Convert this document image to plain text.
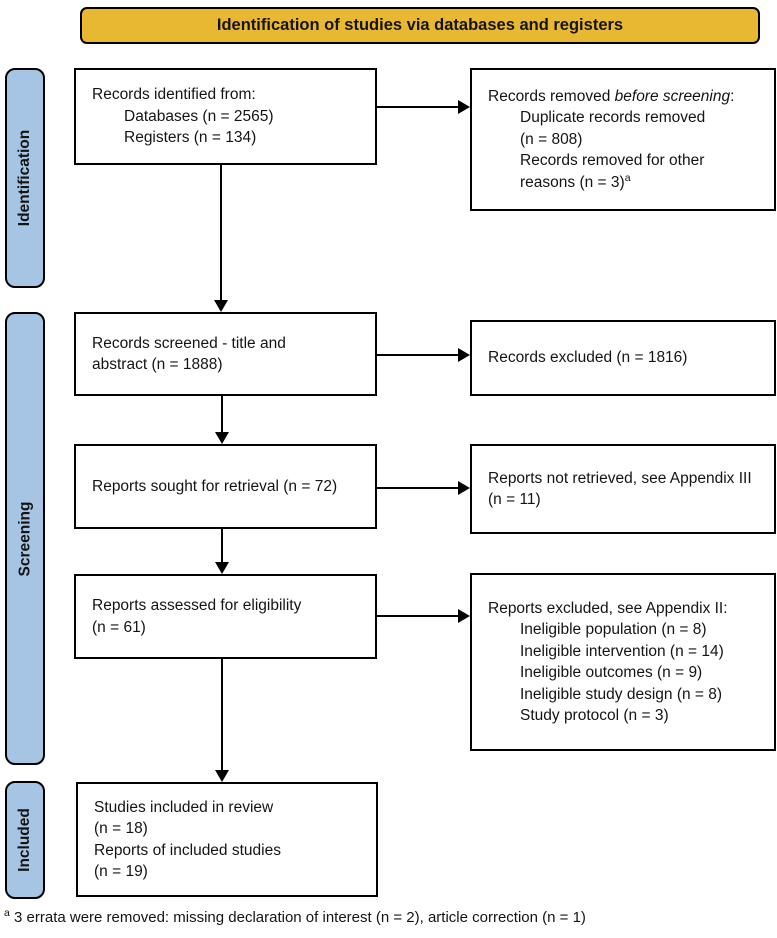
Identification of studies via databases and registers
Identification
Screening
Included
Records identified from:
Databases (n = 2565)
Registers (n = 134)
Records removed before screening:
Duplicate records removed
(n = 808)
Records removed for other
reasons (n = 3)$^a$
Records screened - title and
abstract (n = 1888)	Records excluded (n = 1816)
Reports sought for retrieval (n = 72)	Reports not retrieved, see Appendix III
(n = 11)
Reports assessed for eligibility
(n = 61)
Reports excluded, see Appendix II:
Ineligible population (n = 8)
Ineligible intervention (n = 14)
Ineligible outcomes (n = 9)
Ineligible study design (n = 8)
Study protocol (n = 3)
Studies included in review
(n = 18)
Reports of included studies
(n = 19)
$^a$ 3 errata were removed: missing declaration of interest (n = 2), article correction (n = 1)
